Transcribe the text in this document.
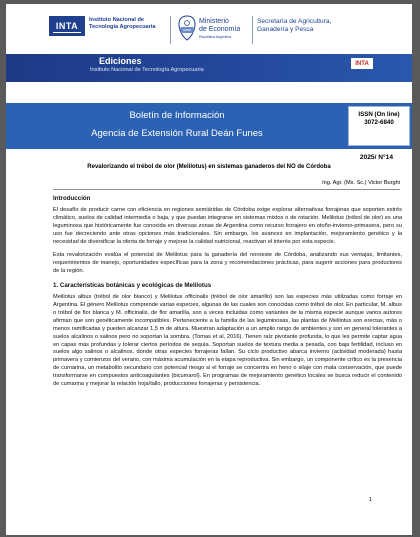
INTA
Instituto Nacional de
Tecnología Agropecuaria
Ministerio
de Economía
República Argentina
Secretaría de Agricultura,
Ganadería y Pesca
Ediciones
Instituto Nacional de Tecnología Agropecuaria
INTA
Boletín de Información
Agencia de Extensión Rural Deán Funes
ISSN (On line)
3072-6840
2025/ N°14
Revalorizando el trébol de olor (Melilotus) en sistemas ganaderos del NO de Córdoba
Ing. Agr. (Ms. Sc.) Victor Burghi
Introducción

El desafío de producir carne con eficiencia en regiones semiáridas de Córdoba exige explorar alternativas forrajeras que soporten estrés climático, suelos de calidad intermedia o baja, y que puedan integrarse en sistemas mixtos o de rotación. Melilotus (trébol de olor) es una leguminosa que históricamente fue conocida en diversas zonas de Argentina como recurso forrajero en otoño-invierno-primavera, pero su uso fue decreciendo ante otras opciones más tradicionales. Sin embargo, los avances en implantación, mejoramiento genético y la necesidad de diversificar la oferta de forraje y mejorar la calidad nutricional, reactivan el interés por esta especie.

Esta revalorización evalúa el potencial de Melilotus para la ganadería del noroeste de Córdoba, analizando sus ventajas, limitantes, requerimientos de manejo, oportunidades específicas para la zona y recomendaciones prácticas, para sugerir acciones para productores de la región.

1. Características botánicas y ecológicas de Melilotus

Melilotus albus (trébol de olor blanco) y Melilotus officinalis (trébol de olor amarillo) son las especies más utilizadas como forraje en Argentina. El género Melilotus comprende varias especies, algunas de las cuales son conocidas como trébol de olor. En particular, M. albus o trébol de flor blanca y M. officinalis, de flor amarilla, son a veces incluidas como variantes de la misma especie aunque varios autores afirman que son genéticamente incompatibles. Perteneciente a la familia de las leguminosas, las plantas de Melilotus son erectas, más o menos ramificadas y pueden alcanzar 1,5 m de altura. Muestran adaptación a un amplio rango de ambientes y son en general tolerantes a suelos alcalinos o salinos pero no soportan la sombra. (Tomas et al, 2016). Tienen raíz pivotante profunda, lo que les permite captar agua en capas más profundas y tolerar ciertos períodos de sequía. Soportan suelos de textura media a pesada, con baja fertilidad, incluso en suelos algo salinos o alcalinos, donde otras especies forrajeras fallan. Su ciclo productivo abarca invierno (actividad moderada) hasta primavera y comienzos del verano, con máxima acumulación en la etapa reproductiva. Sin embargo, un componente crítico es la presencia de cumarina, un metabolito secundario con potencial riesgo si el forraje se concentra en heno o silaje con mala conservación, que puede transformarse en compuestos anticoagulantes (bicumarol). En programas de mejoramiento genético locales se busca reducir el contenido de cumarina y mejorar la relación hoja/tallo, producciones forrajeras y persistencia.

1
